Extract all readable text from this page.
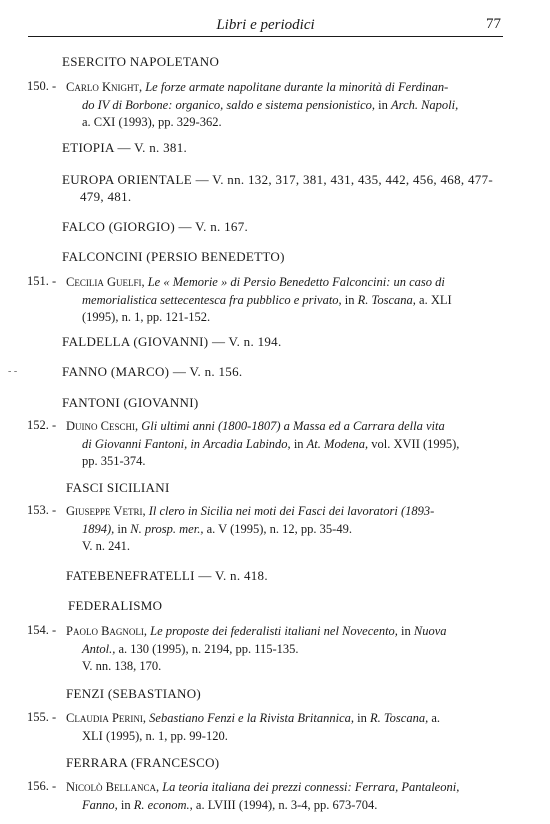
Libri e periodici	77
ESERCITO NAPOLETANO
150. - Carlo Knight, Le forze armate napolitane durante la minorità di Ferdinan-
do IV di Borbone: organico, saldo e sistema pensionistico, in Arch. Napoli,
a. CXI (1993), pp. 329-362.
ETIOPIA — V. n. 381.
EUROPA ORIENTALE — V. nn. 132, 317, 381, 431, 435, 442, 456, 468, 477-
479, 481.
FALCO (GIORGIO) — V. n. 167.
FALCONCINI (PERSIO BENEDETTO)
151. - Cecilia Guelfi, Le « Memorie » di Persio Benedetto Falconcini: un caso di
memorialistica settecentesca fra pubblico e privato, in R. Toscana, a. XLI
(1995), n. 1, pp. 121-152.
FALDELLA (GIOVANNI) — V. n. 194.
- -	FANNO (MARCO) — V. n. 156.
FANTONI (GIOVANNI)
152. - Duino Ceschi, Gli ultimi anni (1800-1807) a Massa ed a Carrara della vita
di Giovanni Fantoni, in Arcadia Labindo, in At. Modena, vol. XVII (1995),
pp. 351-374.
FASCI SICILIANI
153. - Giuseppe Vetri, Il clero in Sicilia nei moti dei Fasci dei lavoratori (1893-
1894), in N. prosp. mer., a. V (1995), n. 12, pp. 35-49.
V. n. 241.
FATEBENEFRATELLI — V. n. 418.
FEDERALISMO
154. - Paolo Bagnoli, Le proposte dei federalisti italiani nel Novecento, in Nuova
Antol., a. 130 (1995), n. 2194, pp. 115-135.
V. nn. 138, 170.
FENZI (SEBASTIANO)
155. - Claudia Perini, Sebastiano Fenzi e la Rivista Britannica, in R. Toscana, a.
XLI (1995), n. 1, pp. 99-120.
FERRARA (FRANCESCO)
156. - Nicolò Bellanca, La teoria italiana dei prezzi connessi: Ferrara, Pantaleoni,
Fanno, in R. econom., a. LVIII (1994), n. 3-4, pp. 673-704.
